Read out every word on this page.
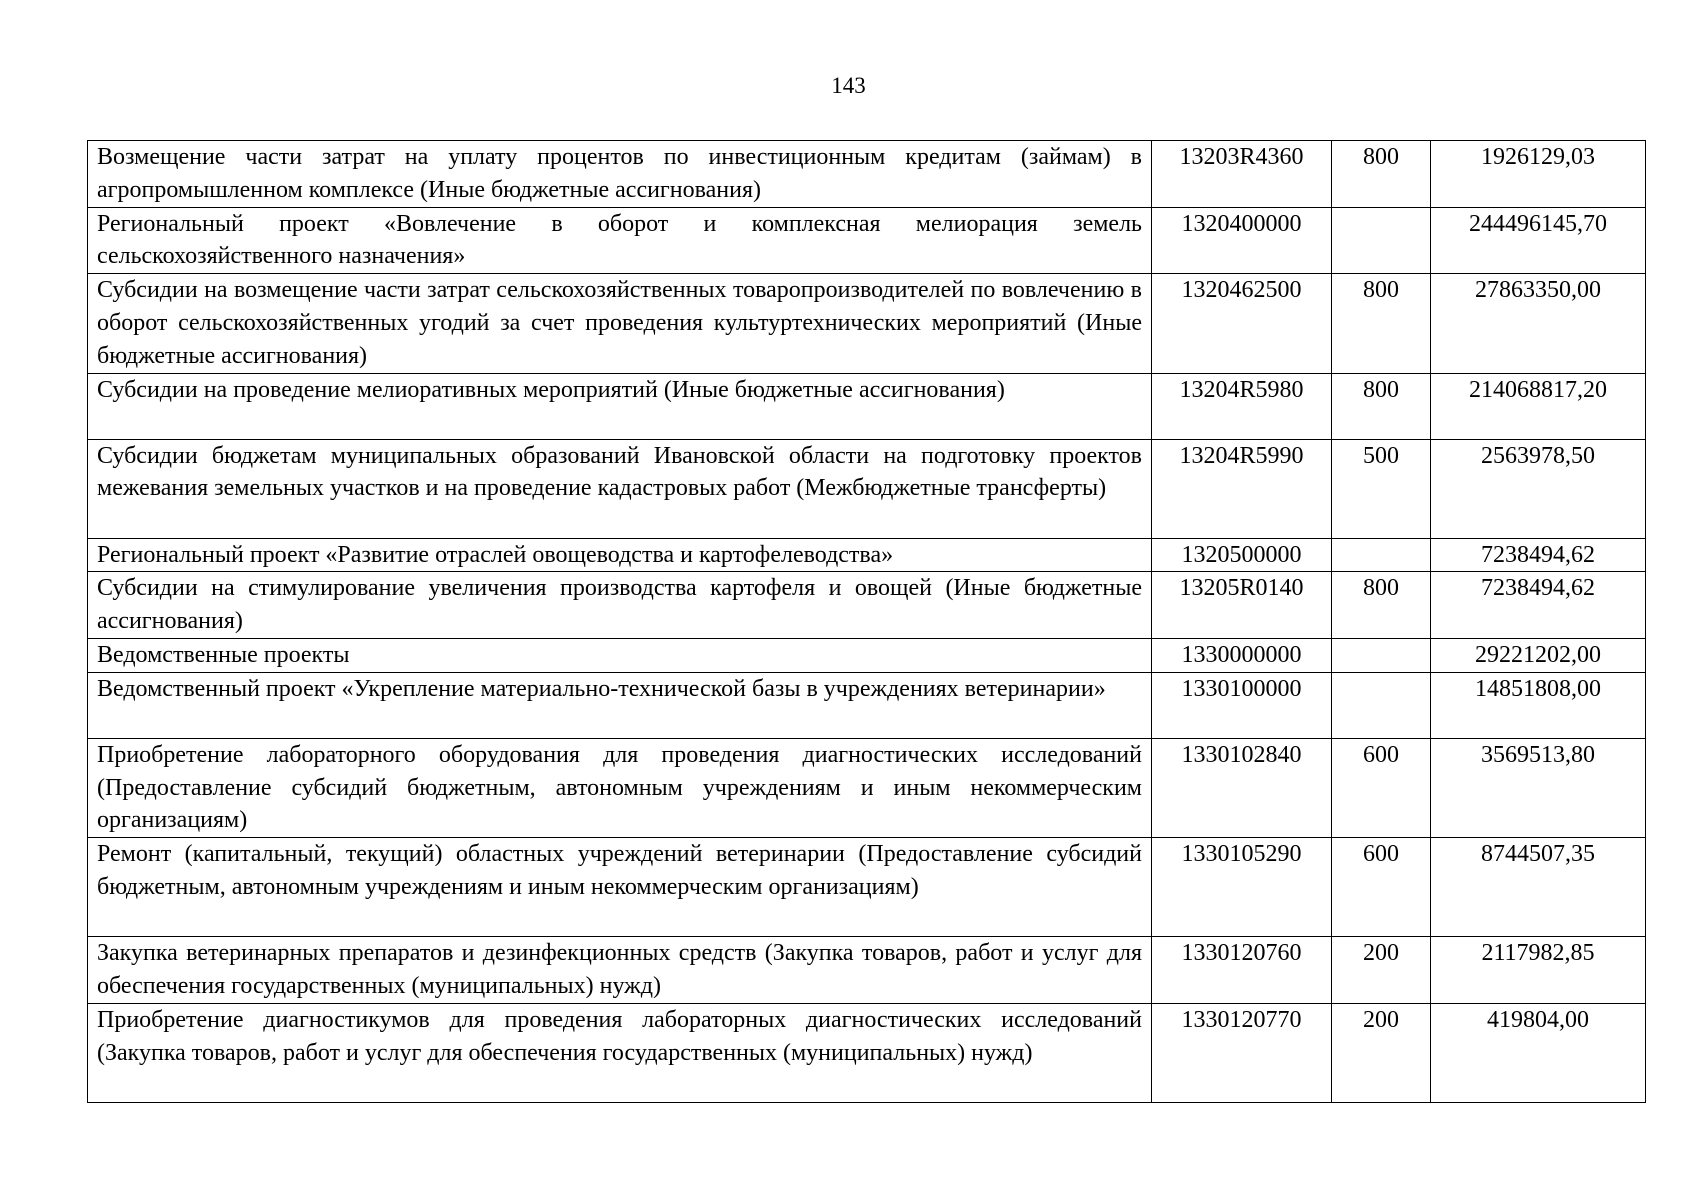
143
Возмещение части затрат на уплату процентов по инвестиционным кредитам (займам) в агропромышленном комплексе (Иные бюджетные ассигнования)	13203R4360	800	1926129,03
Региональный проект «Вовлечение в оборот и комплексная мелиорация земель сельскохозяйственного назначения»	1320400000		244496145,70
Субсидии на возмещение части затрат сельскохозяйственных товаропроизводителей по вовлечению в оборот сельскохозяйственных угодий за счет проведения культуртехнических мероприятий (Иные бюджетные ассигнования)	1320462500	800	27863350,00
Субсидии на проведение мелиоративных мероприятий (Иные бюджетные ассигнования)	13204R5980	800	214068817,20
Субсидии бюджетам муниципальных образований Ивановской области на подготовку проектов межевания земельных участков и на проведение кадастровых работ (Межбюджетные трансферты)	13204R5990	500	2563978,50
Региональный проект «Развитие отраслей овощеводства и картофелеводства»	1320500000		7238494,62
Субсидии на стимулирование увеличения производства картофеля и овощей (Иные бюджетные ассигнования)	13205R0140	800	7238494,62
Ведомственные проекты	1330000000		29221202,00
Ведомственный проект «Укрепление материально-технической базы в учреждениях ветеринарии»	1330100000		14851808,00
Приобретение лабораторного оборудования для проведения диагностических исследований (Предоставление субсидий бюджетным, автономным учреждениям и иным некоммерческим организациям)	1330102840	600	3569513,80
Ремонт (капитальный, текущий) областных учреждений ветеринарии (Предоставление субсидий бюджетным, автономным учреждениям и иным некоммерческим организациям)	1330105290	600	8744507,35
Закупка ветеринарных препаратов и дезинфекционных средств (Закупка товаров, работ и услуг для обеспечения государственных (муниципальных) нужд)	1330120760	200	2117982,85
Приобретение диагностикумов для проведения лабораторных диагностических исследований (Закупка товаров, работ и услуг для обеспечения государственных (муниципальных) нужд)	1330120770	200	419804,00
